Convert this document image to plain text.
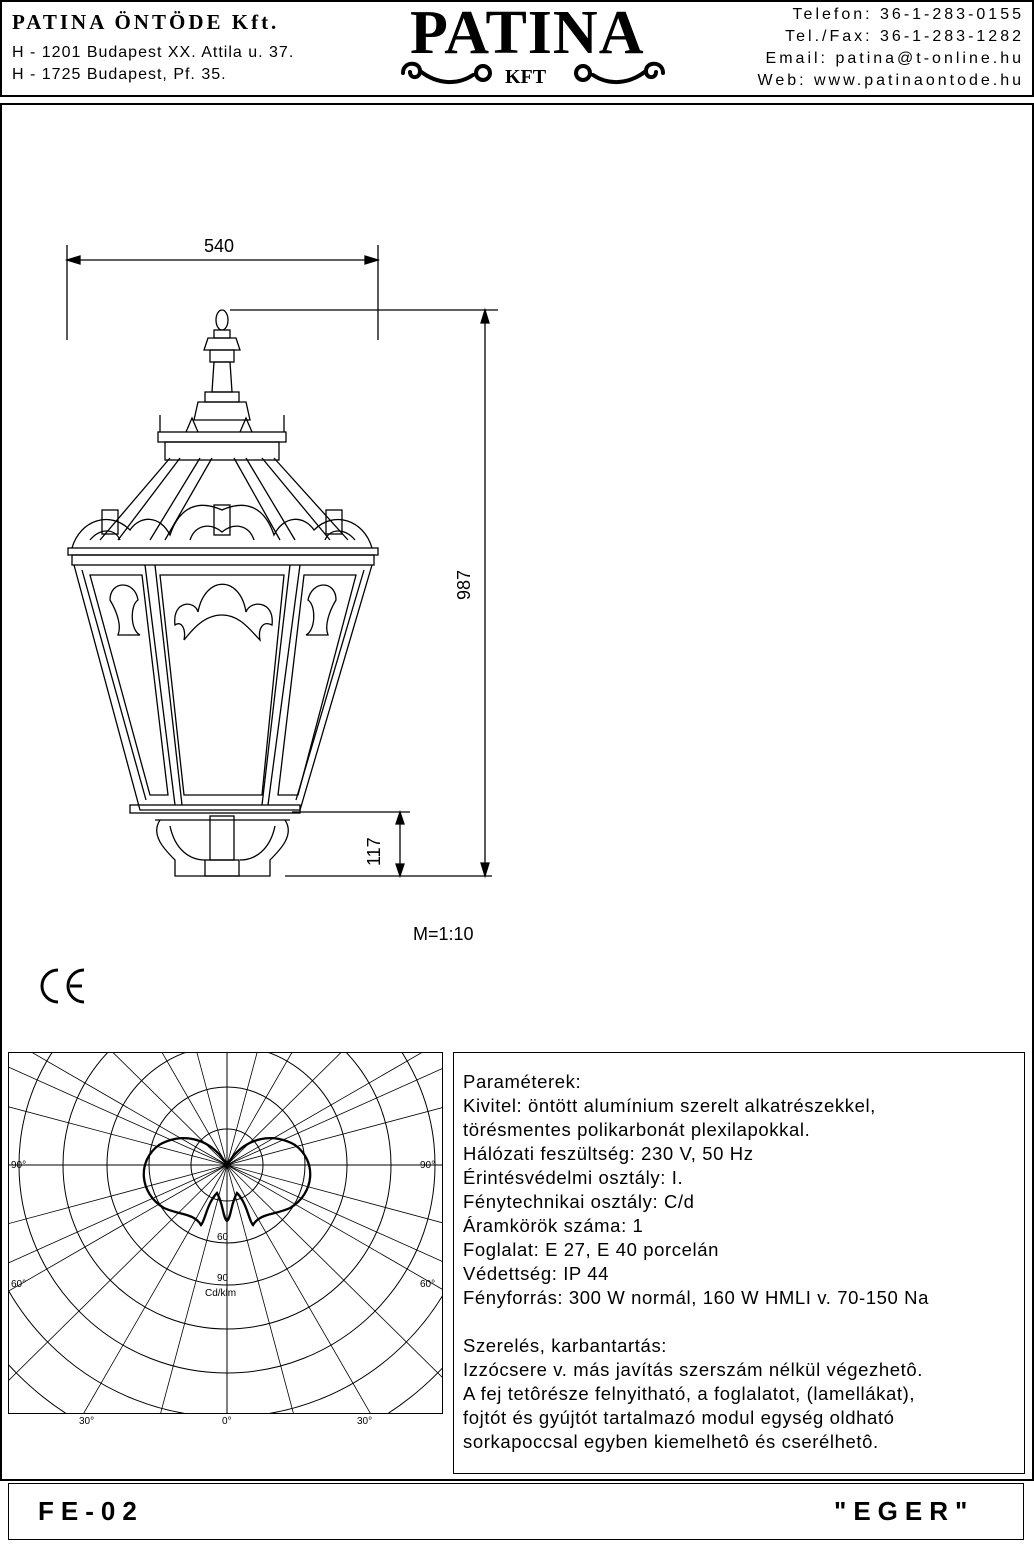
PATINA ÖNTÖDE Kft.
H - 1201 Budapest XX. Attila u. 37.
H - 1725 Budapest, Pf. 35.
PATINA
KFT
Telefon: 36-1-283-0155
Tel./Fax: 36-1-283-1282
Email: patina@t-online.hu
Web: www.patinaontode.hu
540
987
117
M=1:10
90°	90°
60°	60°
60
90
Cd/klm
30°	0°	30°
Paraméterek:
Kivitel: öntött alumínium szerelt alkatrészekkel,
törésmentes polikarbonát plexilapokkal.
Hálózati feszültség: 230 V, 50 Hz
Érintésvédelmi osztály: I.
Fénytechnikai osztály: C/d
Áramkörök száma: 1
Foglalat: E 27, E 40 porcelán
Védettség: IP 44
Fényforrás: 300 W normál, 160 W HMLI v. 70-150 Na
Szerelés, karbantartás:
Izzócsere v. más javítás szerszám nélkül végezhetô.
A fej tetôrésze felnyitható, a foglalatot, (lamellákat),
fojtót és gyújtót tartalmazó modul egység oldható
sorkapoccsal egyben kiemelhetô és cserélhetô.
FE-02	"EGER"
